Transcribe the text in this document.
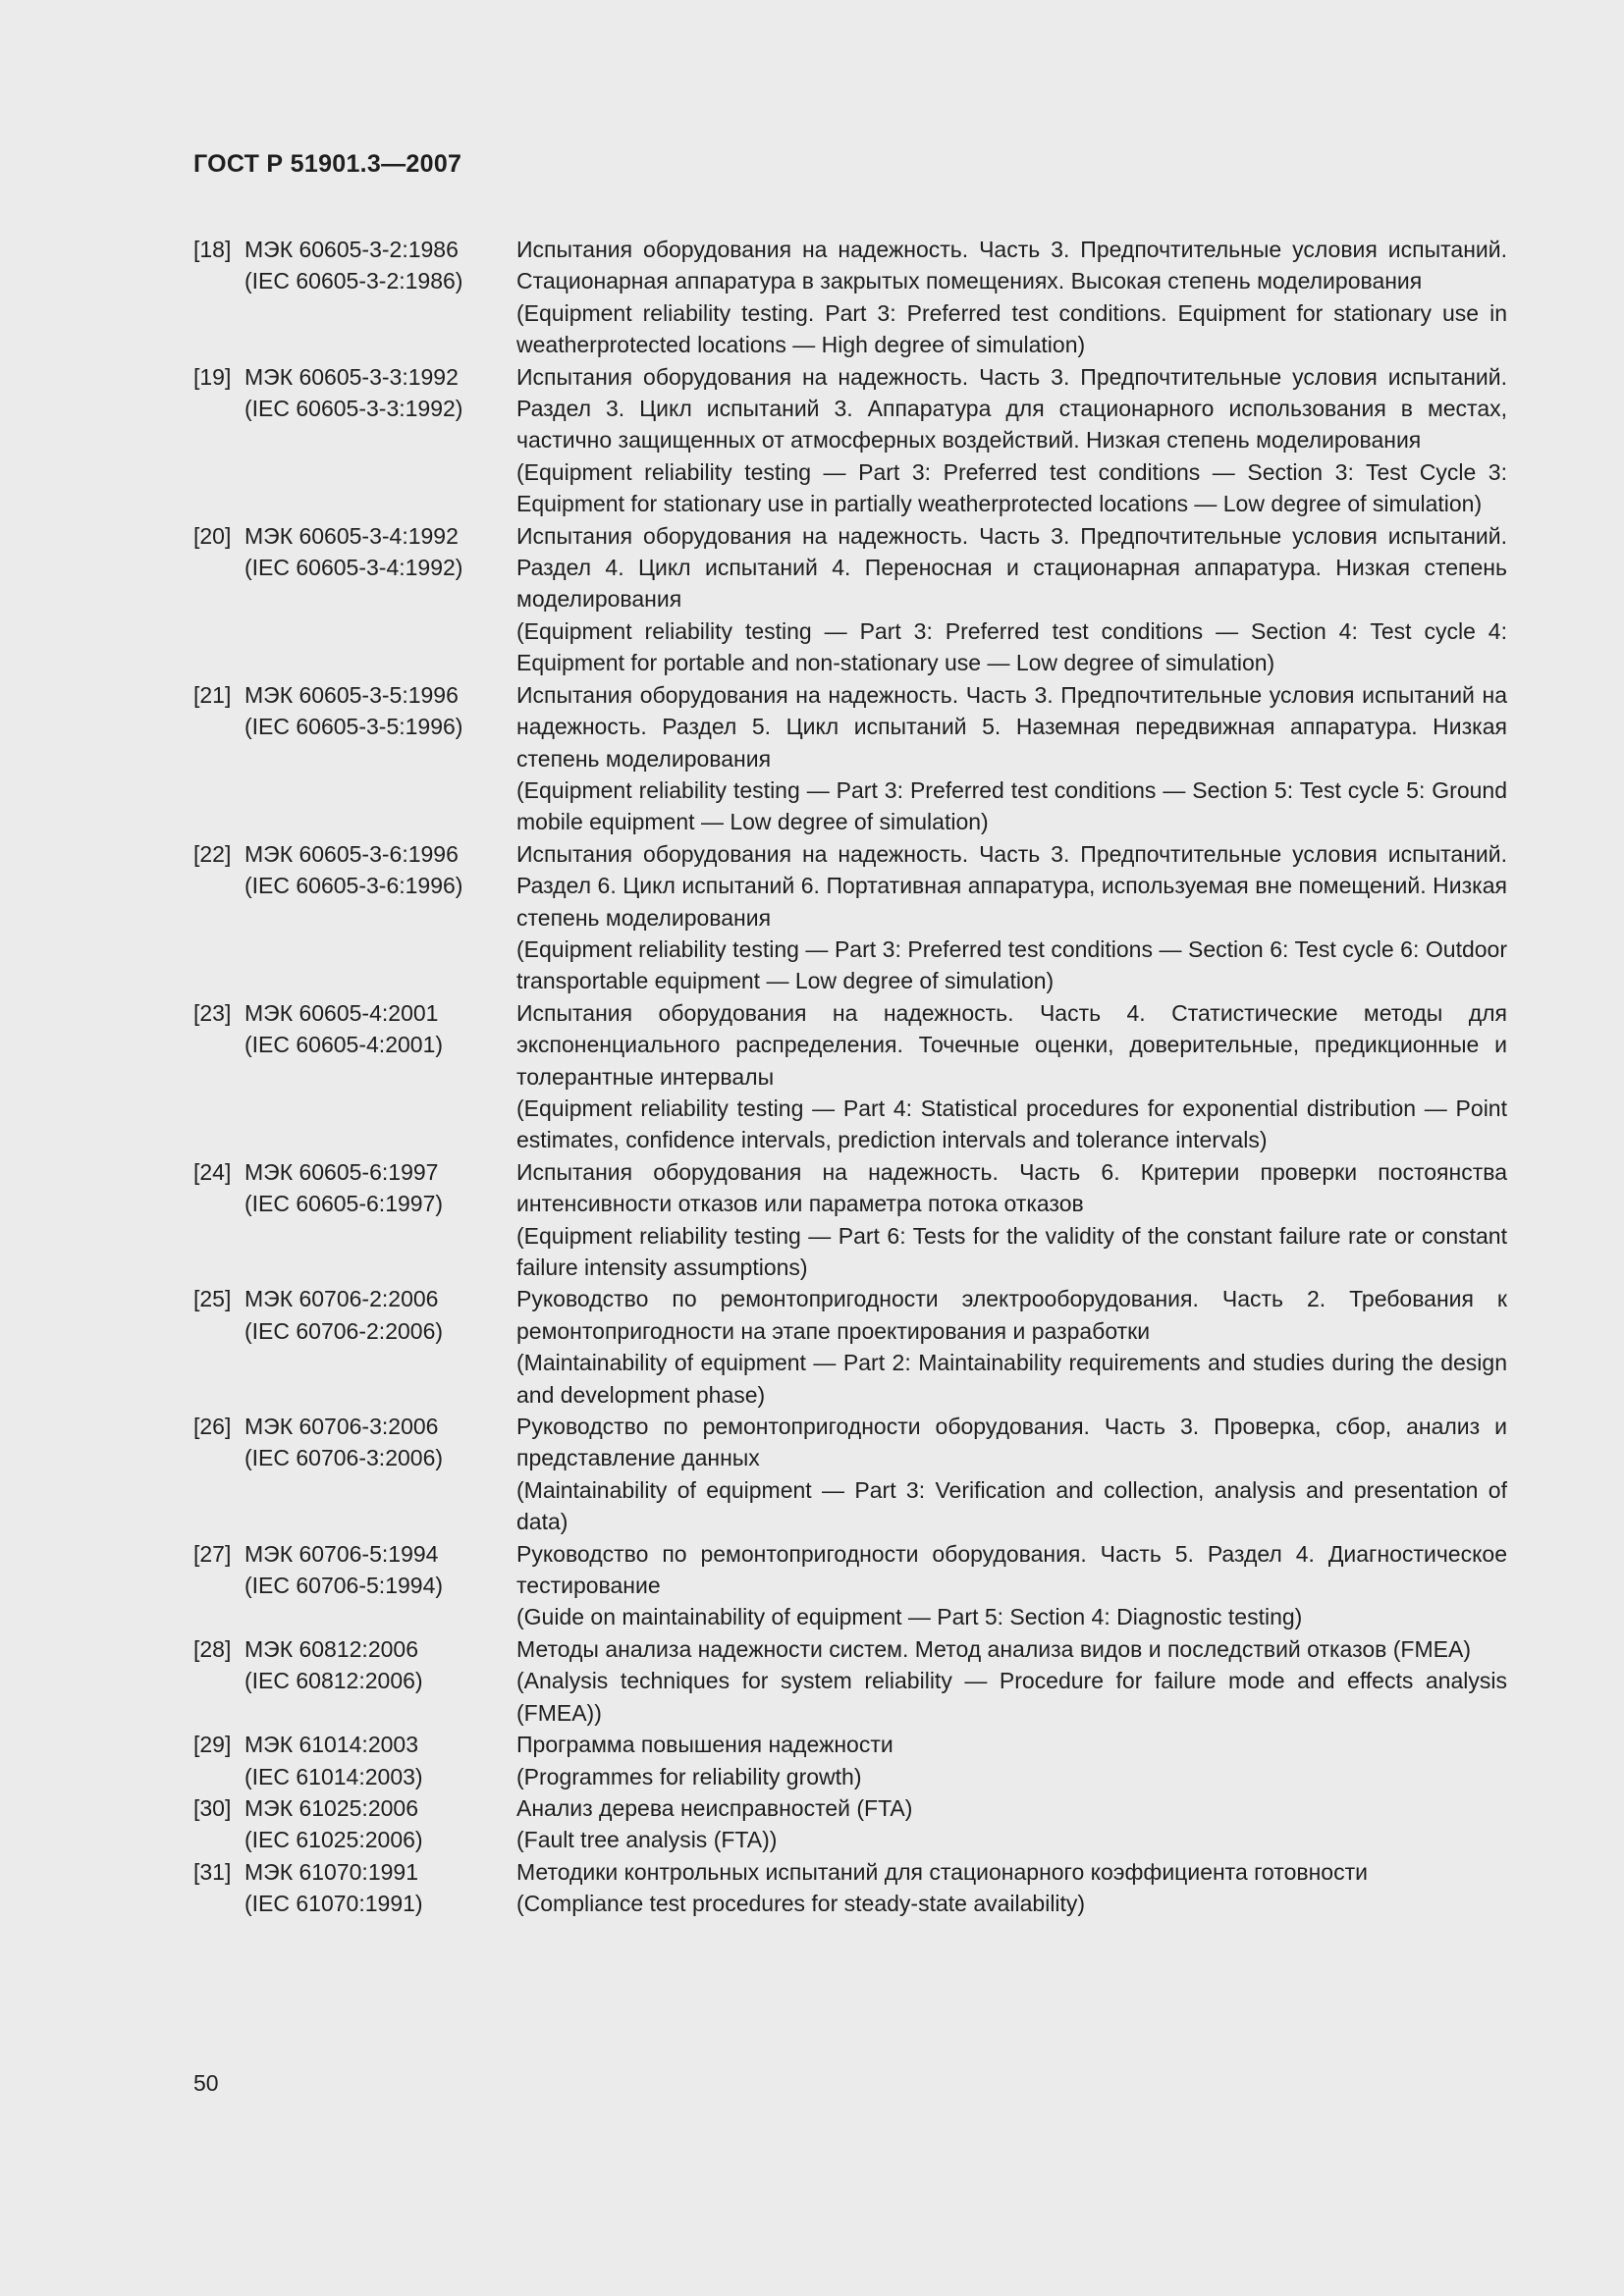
ГОСТ Р 51901.3—2007
[18] МЭК 60605-3-2:1986
(IEC 60605-3-2:1986)

Испытания оборудования на надежность. Часть 3. Предпочтительные условия испытаний. Стационарная аппаратура в закрытых помещениях. Высокая степень моделирования

(Equipment reliability testing. Part 3: Preferred test conditions. Equipment for stationary use in weatherprotected locations — High degree of simulation)

[19] МЭК 60605-3-3:1992
(IEC 60605-3-3:1992)

Испытания оборудования на надежность. Часть 3. Предпочтительные условия испытаний. Раздел 3. Цикл испытаний 3. Аппаратура для стационарного использования в местах, частично защищенных от атмосферных воздействий. Низкая степень моделирования

(Equipment reliability testing — Part 3: Preferred test conditions — Section 3: Test Cycle 3: Equipment for stationary use in partially weatherprotected locations — Low degree of simulation)

[20] МЭК 60605-3-4:1992
(IEC 60605-3-4:1992)

Испытания оборудования на надежность. Часть 3. Предпочтительные условия испытаний. Раздел 4. Цикл испытаний 4. Переносная и стационарная аппаратура. Низкая степень моделирования

(Equipment reliability testing — Part 3: Preferred test conditions — Section 4: Test cycle 4: Equipment for portable and non-stationary use — Low degree of simulation)

[21] МЭК 60605-3-5:1996
(IEC 60605-3-5:1996)

Испытания оборудования на надежность. Часть 3. Предпочтительные условия испытаний на надежность. Раздел 5. Цикл испытаний 5. Наземная передвижная аппаратура. Низкая степень моделирования

(Equipment reliability testing — Part 3: Preferred test conditions — Section 5: Test cycle 5: Ground mobile equipment — Low degree of simulation)

[22] МЭК 60605-3-6:1996
(IEC 60605-3-6:1996)

Испытания оборудования на надежность. Часть 3. Предпочтительные условия испытаний. Раздел 6. Цикл испытаний 6. Портативная аппаратура, используемая вне помещений. Низкая степень моделирования

(Equipment reliability testing — Part 3: Preferred test conditions — Section 6: Test cycle 6: Outdoor transportable equipment — Low degree of simulation)

[23] МЭК 60605-4:2001
(IEC 60605-4:2001)

Испытания оборудования на надежность. Часть 4. Статистические методы для экспоненциального распределения. Точечные оценки, доверительные, предикционные и толерантные интервалы

(Equipment reliability testing — Part 4: Statistical procedures for exponential distribution — Point estimates, confidence intervals, prediction intervals and tolerance intervals)

[24] МЭК 60605-6:1997
(IEC 60605-6:1997)

Испытания оборудования на надежность. Часть 6. Критерии проверки постоянства интенсивности отказов или параметра потока отказов

(Equipment reliability testing — Part 6: Tests for the validity of the constant failure rate or constant failure intensity assumptions)

[25] МЭК 60706-2:2006
(IEC 60706-2:2006)

Руководство по ремонтопригодности электрооборудования. Часть 2. Требования к ремонтопригодности на этапе проектирования и разработки

(Maintainability of equipment — Part 2: Maintainability requirements and studies during the design and development phase)

[26] МЭК 60706-3:2006
(IEC 60706-3:2006)

Руководство по ремонтопригодности оборудования. Часть 3. Проверка, сбор, анализ и представление данных

(Maintainability of equipment — Part 3: Verification and collection, analysis and presentation of data)

[27] МЭК 60706-5:1994
(IEC 60706-5:1994)

Руководство по ремонтопригодности оборудования. Часть 5. Раздел 4. Диагностическое тестирование

(Guide on maintainability of equipment — Part 5: Section 4: Diagnostic testing)

[28] МЭК 60812:2006
(IEC 60812:2006)

Методы анализа надежности систем. Метод анализа видов и последствий отказов (FMEA)

(Analysis techniques for system reliability — Procedure for failure mode and effects analysis (FMEA))

[29] МЭК 61014:2003
(IEC 61014:2003)

Программа повышения надежности

(Programmes for reliability growth)

[30] МЭК 61025:2006
(IEC 61025:2006)

Анализ дерева неисправностей (FTA)

(Fault tree analysis (FTA))

[31] МЭК 61070:1991
(IEC 61070:1991)

Методики контрольных испытаний для стационарного коэффициента готовности

(Compliance test procedures for steady-state availability)

50
